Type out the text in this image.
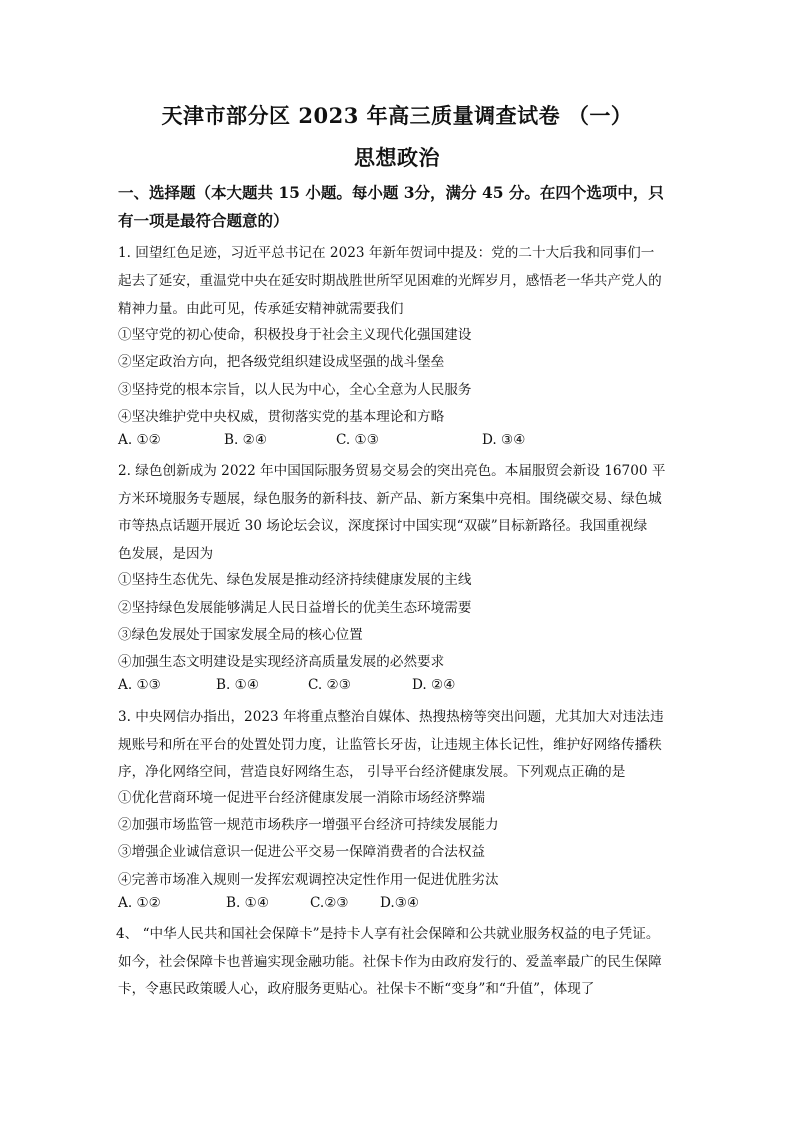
天津市部分区 2023 年高三质量调查试卷 （一）
思想政治
一、选择题（本大题共 15 小题。每小题 3分，满分 45 分。在四个选项中，只
有一项是最符合题意的）
1. 回望红色足迹，习近平总书记在 2023 年新年贺词中提及：党的二十大后我和同事们一
起去了延安，重温党中央在延安时期战胜世所罕见困难的光辉岁月，感悟老一华共产党人的
精神力量。由此可见，传承延安精神就需要我们
①坚守党的初心使命，积极投身于社会主义现代化强国建设
②坚定政治方向，把各级党组织建设成坚强的战斗堡垒
③坚持党的根本宗旨，以人民为中心，全心全意为人民服务
④坚决维护党中央权威，贯彻落实党的基本理论和方略
A. ①②	B. ②④	C. ①③	D. ③④
2. 绿色创新成为 2022 年中国国际服务贸易交易会的突出亮色。本届服贸会新设 16700 平
方米环境服务专题展，绿色服务的新科技、新产品、新方案集中亮相。围绕碳交易、绿色城
市等热点话题开展近 30 场论坛会议，深度探讨中国实现“双碳”目标新路径。我国重视绿
色发展，是因为
①坚持生态优先、绿色发展是推动经济持续健康发展的主线
②坚持绿色发展能够满足人民日益增长的优美生态环境需要
③绿色发展处于国家发展全局的核心位置
④加强生态文明建设是实现经济高质量发展的必然要求
A. ①③	B. ①④	C. ②③	D. ②④
3. 中央网信办指出，2023 年将重点整治自媒体、热搜热榜等突出问题，尤其加大对违法违
规账号和所在平台的处置处罚力度，让监管长牙齿，让违规主体长记性，维护好网络传播秩
序，净化网络空间，营造良好网络生态， 引导平台经济健康发展。下列观点正确的是
①优化营商环境一促进平台经济健康发展一消除市场经济弊端
②加强市场监管一规范市场秩序一增强平台经济可持续发展能力
③增强企业诚信意识一促进公平交易一保障消费者的合法权益
④完善市场准入规则一发挥宏观调控决定性作用一促进优胜劣汰
A. ①②	B. ①④	C.②③ D.③④
4、 “中华人民共和国社会保障卡”是持卡人享有社会保障和公共就业服务权益的电子凭证。
如今，社会保障卡也普遍实现金融功能。社保卡作为由政府发行的、爱盖率最广的民生保障
卡，令惠民政策暖人心，政府服务更贴心。社保卡不断“变身”和“升值”，体现了
